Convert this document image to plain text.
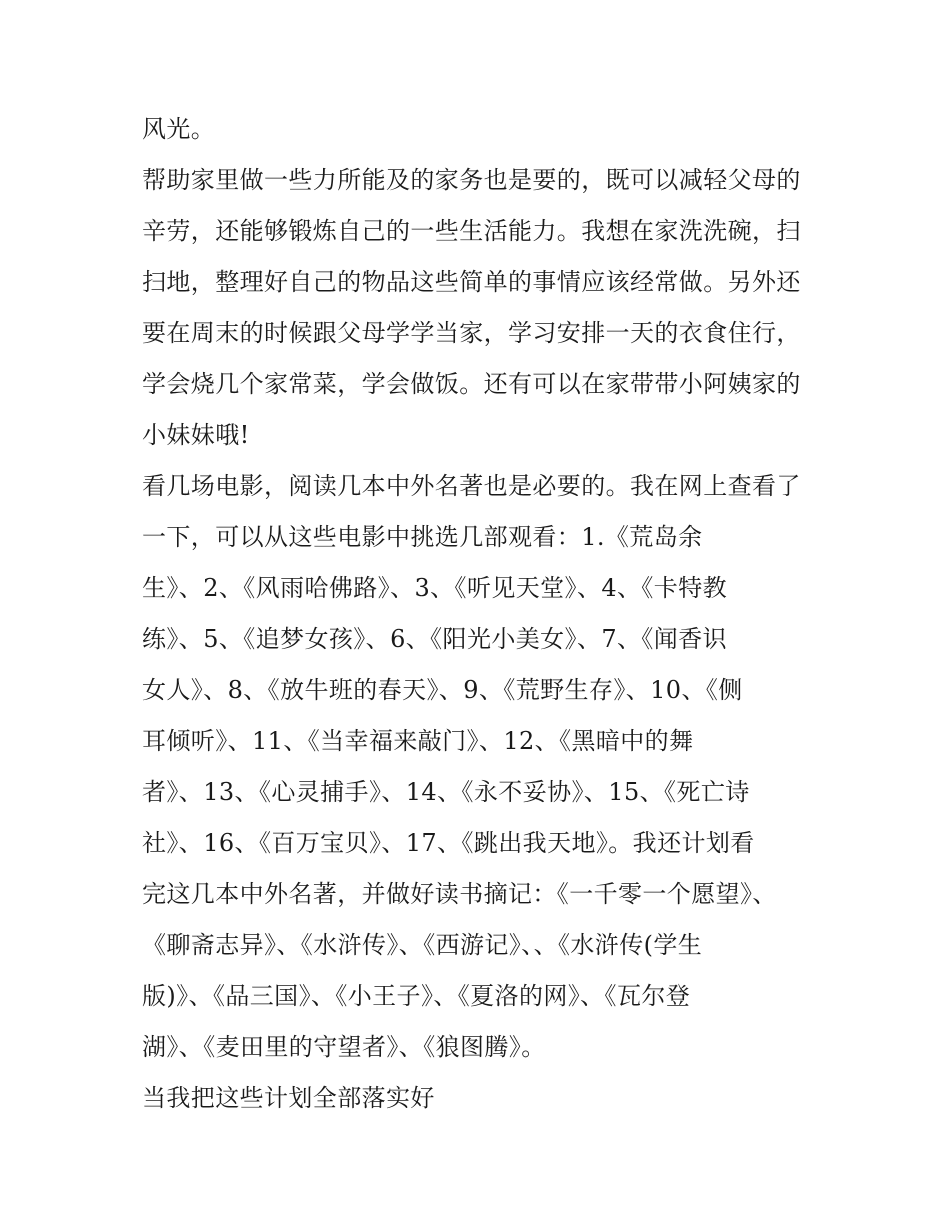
风光。
帮助家里做一些力所能及的家务也是要的，既可以减轻父母的
辛劳，还能够锻炼自己的一些生活能力。我想在家洗洗碗，扫
扫地，整理好自己的物品这些简单的事情应该经常做。另外还
要在周末的时候跟父母学学当家，学习安排一天的衣食住行，
学会烧几个家常菜，学会做饭。还有可以在家带带小阿姨家的
小妹妹哦!
看几场电影，阅读几本中外名著也是必要的。我在网上查看了
一下，可以从这些电影中挑选几部观看：1.《荒岛余
生》、2、《风雨哈佛路》、3、《听见天堂》、4、《卡特教
练》、5、《追梦女孩》、6、《阳光小美女》、7、《闻香识
女人》、8、《放牛班的春天》、9、《荒野生存》、10、《侧
耳倾听》、11、《当幸福来敲门》、12、《黑暗中的舞
者》、13、《心灵捕手》、14、《永不妥协》、15、《死亡诗
社》、16、《百万宝贝》、17、《跳出我天地》。我还计划看
完这几本中外名著，并做好读书摘记：《一千零一个愿望》、
《聊斋志异》、《水浒传》、《西游记》、、《水浒传(学生
版)》、《品三国》、《小王子》、《夏洛的网》、《瓦尔登
湖》、《麦田里的守望者》、《狼图腾》。
当我把这些计划全部落实好
